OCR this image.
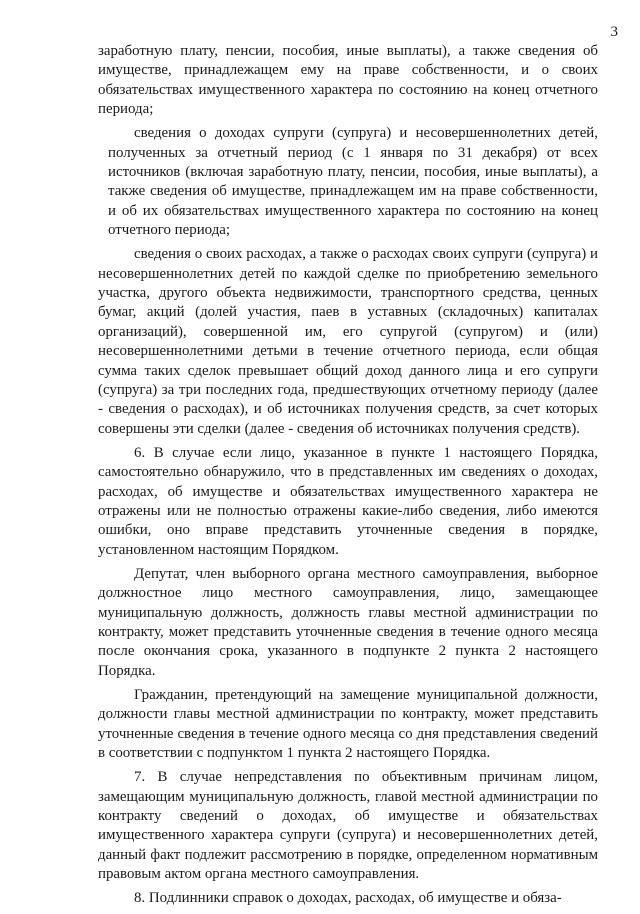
3

заработную плату, пенсии, пособия, иные выплаты), а также сведения об имуществе, принадлежащем ему на праве собственности, и о своих обязательствах имущественного характера по состоянию на конец отчетного периода;

сведения о доходах супруги (супруга) и несовершеннолетних детей, полученных за отчетный период (с 1 января по 31 декабря) от всех источников (включая заработную плату, пенсии, пособия, иные выплаты), а также сведения об имуществе, принадлежащем им на праве собственности, и об их обязательствах имущественного характера по состоянию на конец отчетного периода;

сведения о своих расходах, а также о расходах своих супруги (супруга) и несовершеннолетних детей по каждой сделке по приобретению земельного участка, другого объекта недвижимости, транспортного средства, ценных бумаг, акций (долей участия, паев в уставных (складочных) капиталах организаций), совершенной им, его супругой (супругом) и (или) несовершеннолетними детьми в течение отчетного периода, если общая сумма таких сделок превышает общий доход данного лица и его супруги (супруга) за три последних года, предшествующих отчетному периоду (далее - сведения о расходах), и об источниках получения средств, за счет которых совершены эти сделки (далее - сведения об источниках получения средств).

6. В случае если лицо, указанное в пункте 1 настоящего Порядка, самостоятельно обнаружило, что в представленных им сведениях о доходах, расходах, об имуществе и обязательствах имущественного характера не отражены или не полностью отражены какие-либо сведения, либо имеются ошибки, оно вправе представить уточненные сведения в порядке, установленном настоящим Порядком.

Депутат, член выборного органа местного самоуправления, выборное должностное лицо местного самоуправления, лицо, замещающее муниципальную должность, должность главы местной администрации по контракту, может представить уточненные сведения в течение одного месяца после окончания срока, указанного в подпункте 2 пункта 2 настоящего Порядка.

Гражданин, претендующий на замещение муниципальной должности, должности главы местной администрации по контракту, может представить уточненные сведения в течение одного месяца со дня представления сведений в соответствии с подпунктом 1 пункта 2 настоящего Порядка.

7. В случае непредставления по объективным причинам лицом, замещающим муниципальную должность, главой местной администрации по контракту сведений о доходах, об имуществе и обязательствах имущественного характера супруги (супруга) и несовершеннолетних детей, данный факт подлежит рассмотрению в порядке, определенном нормативным правовым актом органа местного самоуправления.

8. Подлинники справок о доходах, расходах, об имуществе и обяза-
